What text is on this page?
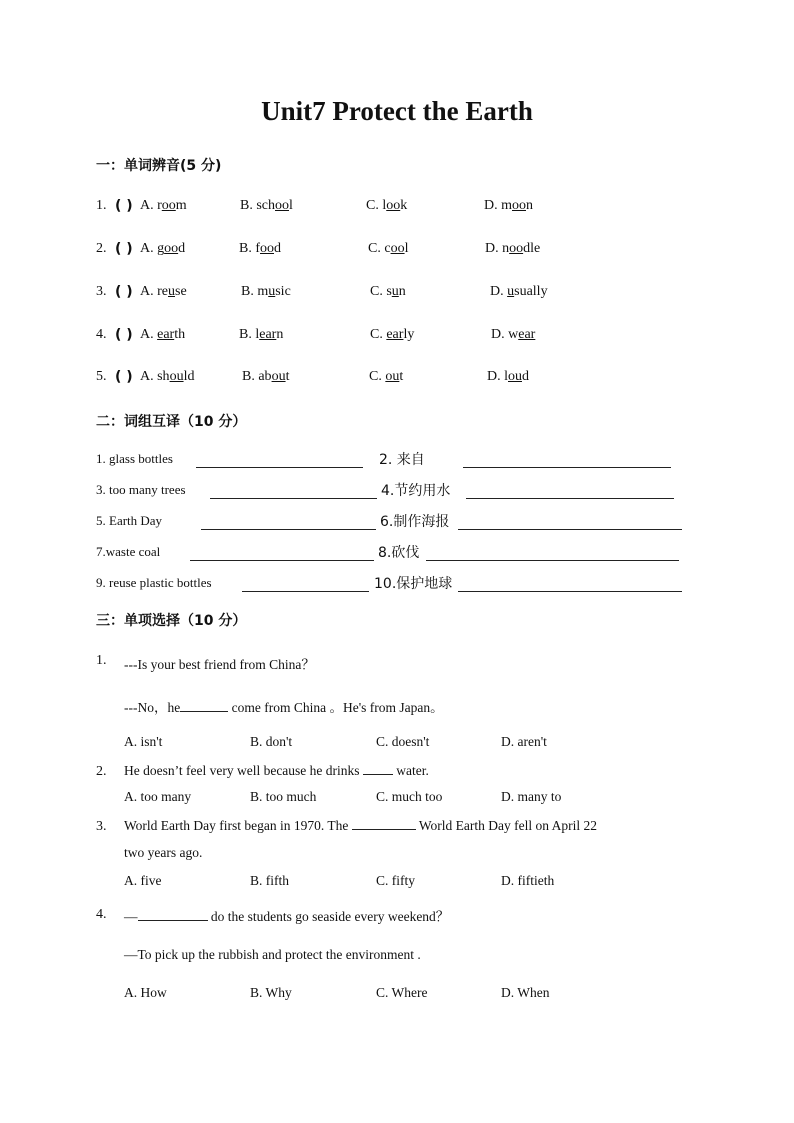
Unit7 Protect the Earth
一：单词辨音(5 分)
1. ( ) A. room	B. school	C. look	D. moon
2. ( ) A. good	B. food	C. cool	D. noodle
3. ( ) A. reuse	B. music	C. sun	D. usually
4. ( ) A. earth	B. learn	C. early	D. wear
5. ( ) A. should	B. about	C. out	D. loud
二：词组互译（10 分）
1. glass bottles	2. 来自
3. too many trees	4.节约用水
5. Earth Day	6.制作海报
7.waste coal	8.砍伐
9. reuse plastic bottles	10.保护地球
三：单项选择（10 分）
1. ---Is your best friend from China？
---No，he	come from China 。He's from Japan。
A. isn't	B. don't	C. doesn't	D. aren't
2. He doesn’t feel very well because he drinks  water.
A. too many	B. too much	C. much too	D. many to
3. World Earth Day first began in 1970. The	World Earth Day fell on April 22
two years ago.
A. five	B. fifth	C. fifty	D. fiftieth
4. —	do the students go seaside every weekend？
—To pick up the rubbish and protect the environment .
A. How	B. Why	C. Where	D. When
